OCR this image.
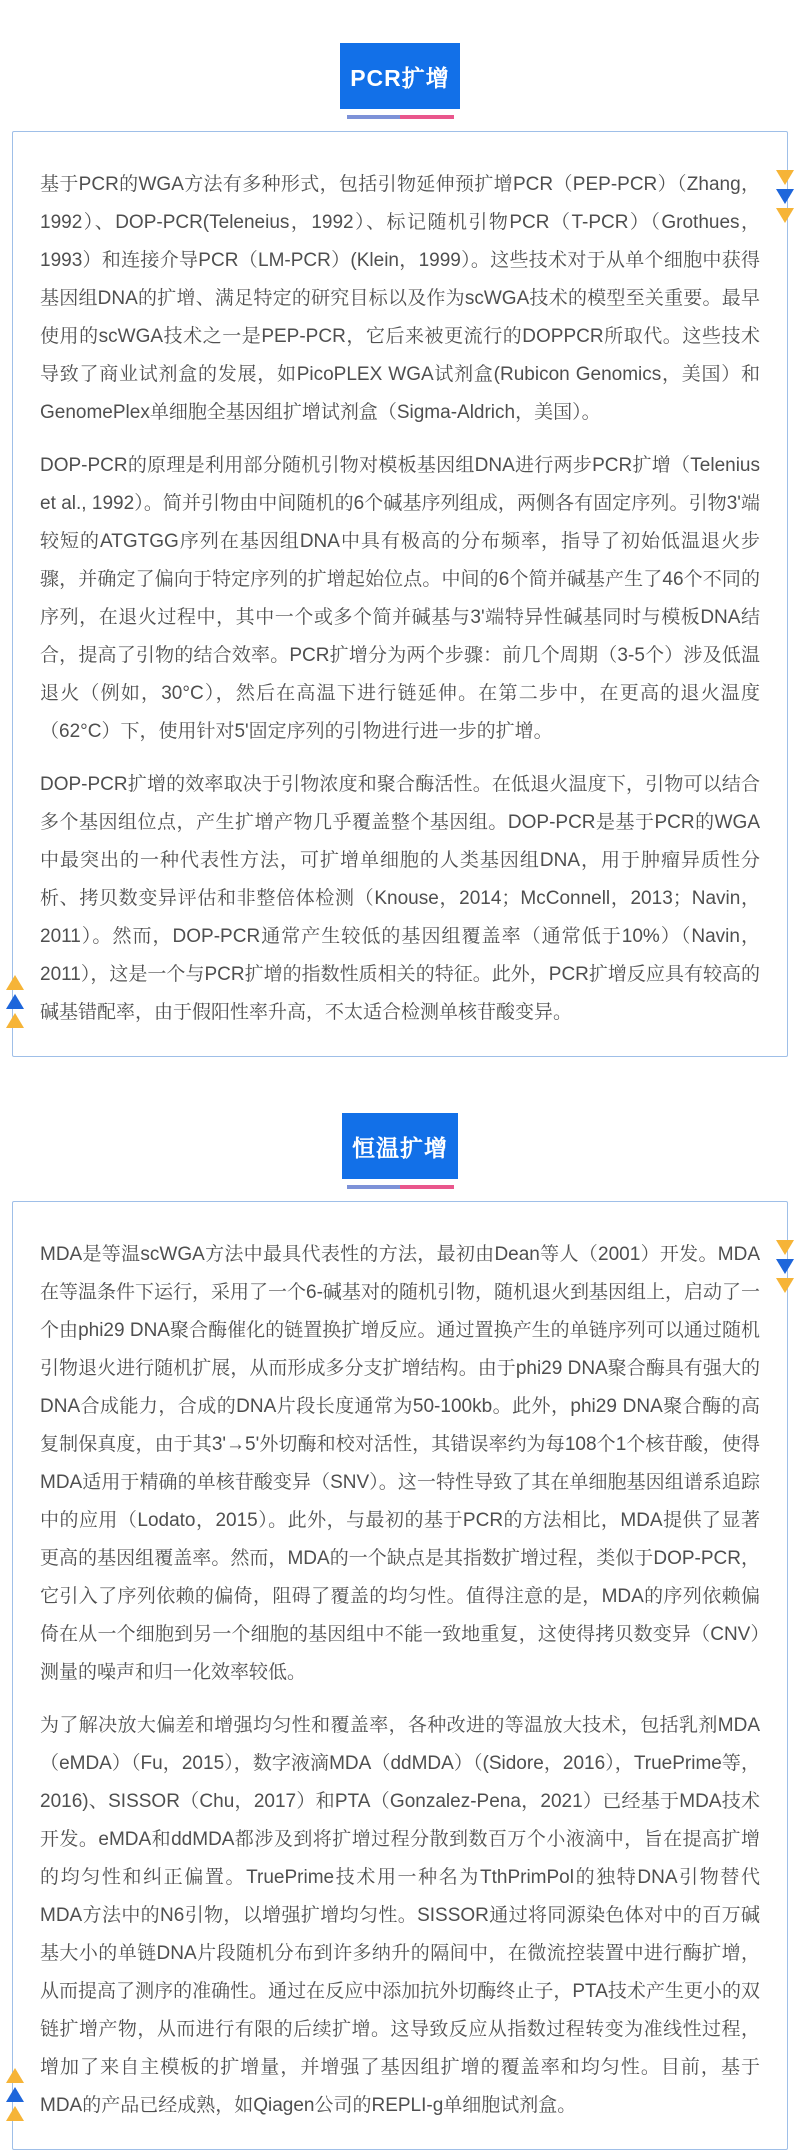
PCR扩增

基于PCR的WGA方法有多种形式，包括引物延伸预扩增PCR（PEP-PCR）（Zhang，1992）、DOP-PCR(Teleneius，1992）、标记随机引物PCR（T-PCR）（Grothues，1993）和连接介导PCR（LM-PCR）(Klein，1999）。这些技术对于从单个细胞中获得基因组DNA的扩增、满足特定的研究目标以及作为scWGA技术的模型至关重要。最早使用的scWGA技术之一是PEP-PCR，它后来被更流行的DOPPCR所取代。这些技术导致了商业试剂盒的发展，如PicoPLEX WGA试剂盒(Rubicon Genomics，美国）和GenomePlex单细胞全基因组扩增试剂盒（Sigma-Aldrich，美国）。

DOP-PCR的原理是利用部分随机引物对模板基因组DNA进行两步PCR扩增（Telenius et al., 1992）。简并引物由中间随机的6个碱基序列组成，两侧各有固定序列。引物3'端较短的ATGTGG序列在基因组DNA中具有极高的分布频率，指导了初始低温退火步骤，并确定了偏向于特定序列的扩增起始位点。中间的6个简并碱基产生了46个不同的序列，在退火过程中，其中一个或多个简并碱基与3'端特异性碱基同时与模板DNA结合，提高了引物的结合效率。PCR扩增分为两个步骤：前几个周期（3-5个）涉及低温退火（例如，30°C），然后在高温下进行链延伸。在第二步中，在更高的退火温度（62°C）下，使用针对5'固定序列的引物进行进一步的扩增。

DOP-PCR扩增的效率取决于引物浓度和聚合酶活性。在低退火温度下，引物可以结合多个基因组位点，产生扩增产物几乎覆盖整个基因组。DOP-PCR是基于PCR的WGA中最突出的一种代表性方法，可扩增单细胞的人类基因组DNA，用于肿瘤异质性分析、拷贝数变异评估和非整倍体检测（Knouse，2014；McConnell，2013；Navin，2011）。然而，DOP-PCR通常产生较低的基因组覆盖率（通常低于10%）（Navin，2011），这是一个与PCR扩增的指数性质相关的特征。此外，PCR扩增反应具有较高的碱基错配率，由于假阳性率升高，不太适合检测单核苷酸变异。

恒温扩增

MDA是等温scWGA方法中最具代表性的方法，最初由Dean等人（2001）开发。MDA在等温条件下运行，采用了一个6-碱基对的随机引物，随机退火到基因组上，启动了一个由phi29 DNA聚合酶催化的链置换扩增反应。通过置换产生的单链序列可以通过随机引物退火进行随机扩展，从而形成多分支扩增结构。由于phi29 DNA聚合酶具有强大的DNA合成能力，合成的DNA片段长度通常为50-100kb。此外，phi29 DNA聚合酶的高复制保真度，由于其3'→5'外切酶和校对活性，其错误率约为每108个1个核苷酸，使得MDA适用于精确的单核苷酸变异（SNV）。这一特性导致了其在单细胞基因组谱系追踪中的应用（Lodato，2015）。此外，与最初的基于PCR的方法相比，MDA提供了显著更高的基因组覆盖率。然而，MDA的一个缺点是其指数扩增过程，类似于DOP-PCR，它引入了序列依赖的偏倚，阻碍了覆盖的均匀性。值得注意的是，MDA的序列依赖偏倚在从一个细胞到另一个细胞的基因组中不能一致地重复，这使得拷贝数变异（CNV）测量的噪声和归一化效率较低。

为了解决放大偏差和增强均匀性和覆盖率，各种改进的等温放大技术，包括乳剂MDA（eMDA）（Fu，2015），数字液滴MDA（ddMDA）（(Sidore，2016），TruePrime等，2016)、SISSOR（Chu，2017）和PTA（Gonzalez-Pena，2021）已经基于MDA技术开发。eMDA和ddMDA都涉及到将扩增过程分散到数百万个小液滴中，旨在提高扩增的均匀性和纠正偏置。TruePrime技术用一种名为TthPrimPol的独特DNA引物替代MDA方法中的N6引物，以增强扩增均匀性。SISSOR通过将同源染色体对中的百万碱基大小的单链DNA片段随机分布到许多纳升的隔间中，在微流控装置中进行酶扩增，从而提高了测序的准确性。通过在反应中添加抗外切酶终止子，PTA技术产生更小的双链扩增产物，从而进行有限的后续扩增。这导致反应从指数过程转变为准线性过程，增加了来自主模板的扩增量，并增强了基因组扩增的覆盖率和均匀性。目前，基于MDA的产品已经成熟，如Qiagen公司的REPLI-g单细胞试剂盒。
